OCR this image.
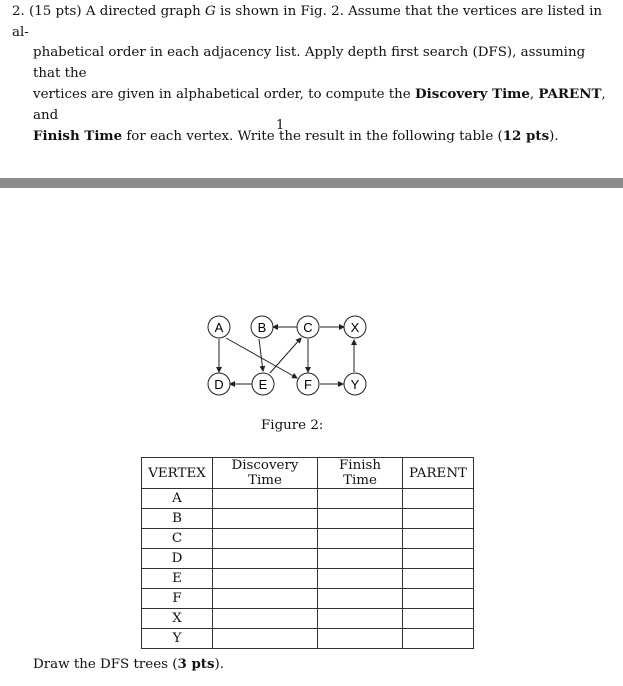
2. (15 pts) A directed graph G is shown in Fig. 2. Assume that the vertices are listed in al-
phabetical order in each adjacency list. Apply depth first search (DFS), assuming that the
vertices are given in alphabetical order, to compute the Discovery Time, PARENT, and
Finish Time for each vertex. Write the result in the following table (12 pts).
1
A	B	C	X
D	E	F	Y
Figure 2:
VERTEX	Discovery Time	Finish Time	PARENT
A			
B			
C			
D			
E			
F			
X			
Y			
Draw the DFS trees (3 pts).
